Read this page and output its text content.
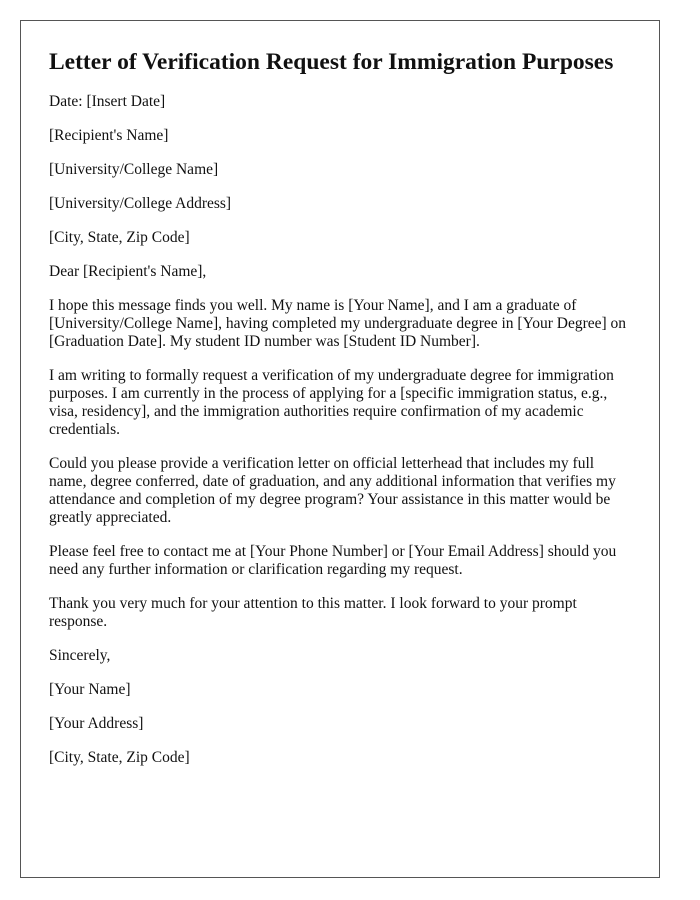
Letter of Verification Request for Immigration Purposes

Date: [Insert Date]

[Recipient's Name]

[University/College Name]

[University/College Address]

[City, State, Zip Code]

Dear [Recipient's Name],

I hope this message finds you well. My name is [Your Name], and I am a graduate of [University/College Name], having completed my undergraduate degree in [Your Degree] on [Graduation Date]. My student ID number was [Student ID Number].

I am writing to formally request a verification of my undergraduate degree for immigration purposes. I am currently in the process of applying for a [specific immigration status, e.g., visa, residency], and the immigration authorities require confirmation of my academic credentials.

Could you please provide a verification letter on official letterhead that includes my full name, degree conferred, date of graduation, and any additional information that verifies my attendance and completion of my degree program? Your assistance in this matter would be greatly appreciated.

Please feel free to contact me at [Your Phone Number] or [Your Email Address] should you need any further information or clarification regarding my request.

Thank you very much for your attention to this matter. I look forward to your prompt response.

Sincerely,

[Your Name]

[Your Address]

[City, State, Zip Code]
